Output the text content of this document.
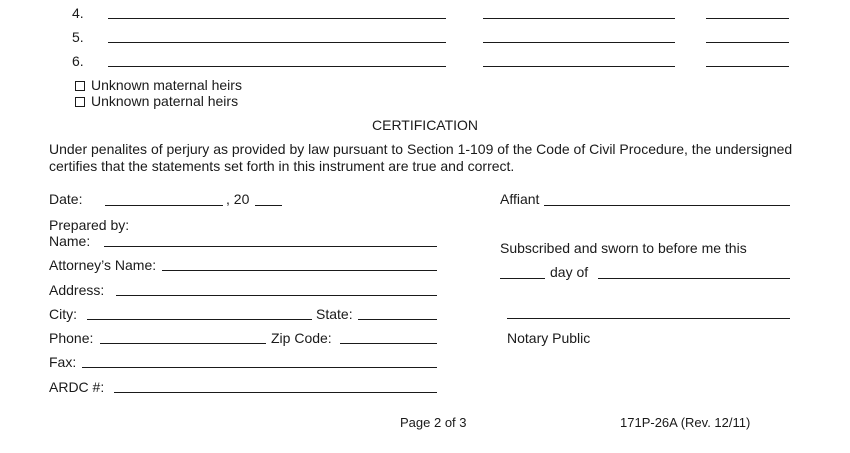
4.
5.
6.
Unknown maternal heirs
Unknown paternal heirs
CERTIFICATION
Under penalites of perjury as provided by law pursuant to Section 1-109 of the Code of Civil Procedure, the undersigned certifies that the statements set forth in this instrument are true and correct.
Date:	, 20	Affiant
Prepared by:
Name:
Attorney’s Name:
Address:
City:	State:
Phone:	Zip Code:
Fax:
ARDC #:
Subscribed and sworn to before me this
day of
Notary Public
Page 2 of 3	171P-26A (Rev. 12/11)
